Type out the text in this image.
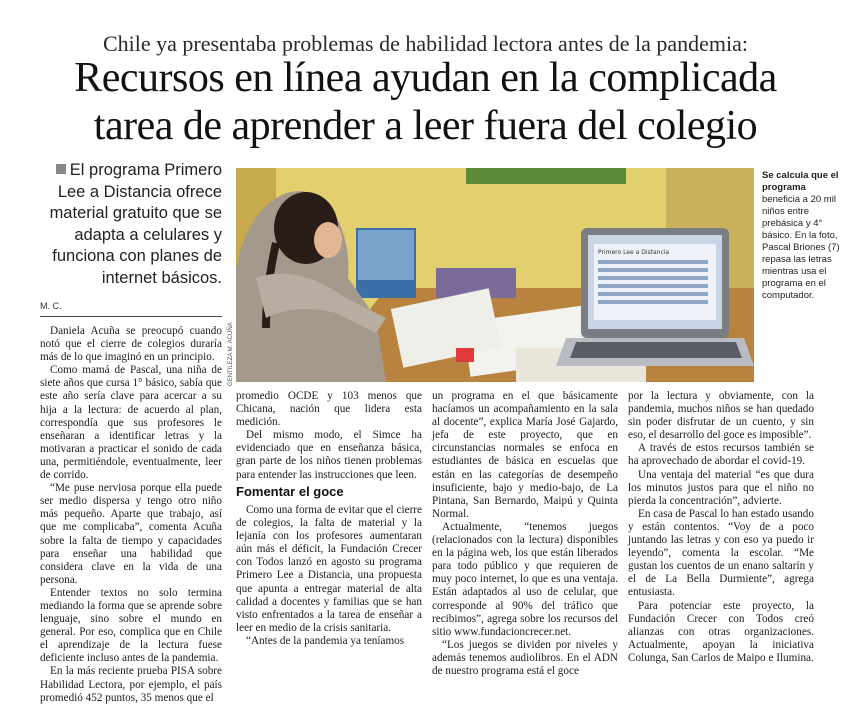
Chile ya presentaba problemas de habilidad lectora antes de la pandemia:
Recursos en línea ayudan en la complicada
tarea de aprender a leer fuera del colegio
El programa Primero Lee a Distancia ofrece material gratuito que se adapta a celulares y funciona con planes de internet básicos.
M. C.
Primero Lee a Distancia
GENTILEZA M. ACUÑA
Se calcula que el programa
beneficia a 20 mil niños entre prebásica y 4° básico. En la foto, Pascal Briones (7) repasa las letras mientras usa el programa en el computador.

Daniela Acuña se preocupó cuando notó que el cierre de colegios duraría más de lo que imaginó en un principio.

Como mamá de Pascal, una niña de siete años que cursa 1° básico, sabía que este año sería clave para acercar a su hija a la lectura: de acuerdo al plan, correspondía que sus profesores le enseñaran a identificar letras y la motivaran a practicar el sonido de cada una, permitiéndole, eventualmente, leer de corrido.

“Me puse nerviosa porque ella puede ser medio dispersa y tengo otro niño más pequeño. Aparte que trabajo, así que me complicaba”, comenta Acuña sobre la falta de tiempo y capacidades para enseñar una habilidad que considera clave en la vida de una persona.

Entender textos no solo termina mediando la forma que se aprende sobre lenguaje, sino sobre el mundo en general. Por eso, complica que en Chile el aprendizaje de la lectura fuese deficiente incluso antes de la pandemia.

En la más reciente prueba PISA sobre Habilidad Lectora, por ejemplo, el país promedió 452 puntos, 35 menos que el

promedio OCDE y 103 menos que Chicana, nación que lidera esta medición.

Del mismo modo, el Simce ha evidenciado que en enseñanza básica, gran parte de los niños tienen problemas para entender las instrucciones que leen.

Fomentar el goce

Como una forma de evitar que el cierre de colegios, la falta de material y la lejanía con los profesores aumentaran aún más el déficit, la Fundación Crecer con Todos lanzó en agosto su programa Primero Lee a Distancia, una propuesta que apunta a entregar material de alta calidad a docentes y familias que se han visto enfrentados a la tarea de enseñar a leer en medio de la crisis sanitaria.

“Antes de la pandemia ya teníamos

un programa en el que básicamente hacíamos un acompañamiento en la sala al docente”, explica María José Gajardo, jefa de este proyecto, que en circunstancias normales se enfoca en estudiantes de básica en escuelas que están en las categorías de desempeño insuficiente, bajo y medio-bajo, de La Pintana, San Bernardo, Maipú y Quinta Normal.

Actualmente, “tenemos juegos (relacionados con la lectura) disponibles en la página web, los que están liberados para todo público y que requieren de muy poco internet, lo que es una ventaja. Están adaptados al uso de celular, que corresponde al 90% del tráfico que recibimos”, agrega sobre los recursos del sitio www.fundacioncrecer.net.

“Los juegos se dividen por niveles y además tenemos audiolibros. En el ADN de nuestro programa está el goce

por la lectura y obviamente, con la pandemia, muchos niños se han quedado sin poder disfrutar de un cuento, y sin eso, el desarrollo del goce es imposible”.

A través de estos recursos también se ha aprovechado de abordar el covid-19.

Una ventaja del material “es que dura los minutos justos para que el niño no pierda la concentración”, advierte.

En casa de Pascal lo han estado usando y están contentos. “Voy de a poco juntando las letras y con eso ya puedo ir leyendo”, comenta la escolar. “Me gustan los cuentos de un enano saltarín y el de La Bella Durmiente”, agrega entusiasta.

Para potenciar este proyecto, la Fundación Crecer con Todos creó alianzas con otras organizaciones. Actualmente, apoyan la iniciativa Colunga, San Carlos de Maipo e Ilumina.
